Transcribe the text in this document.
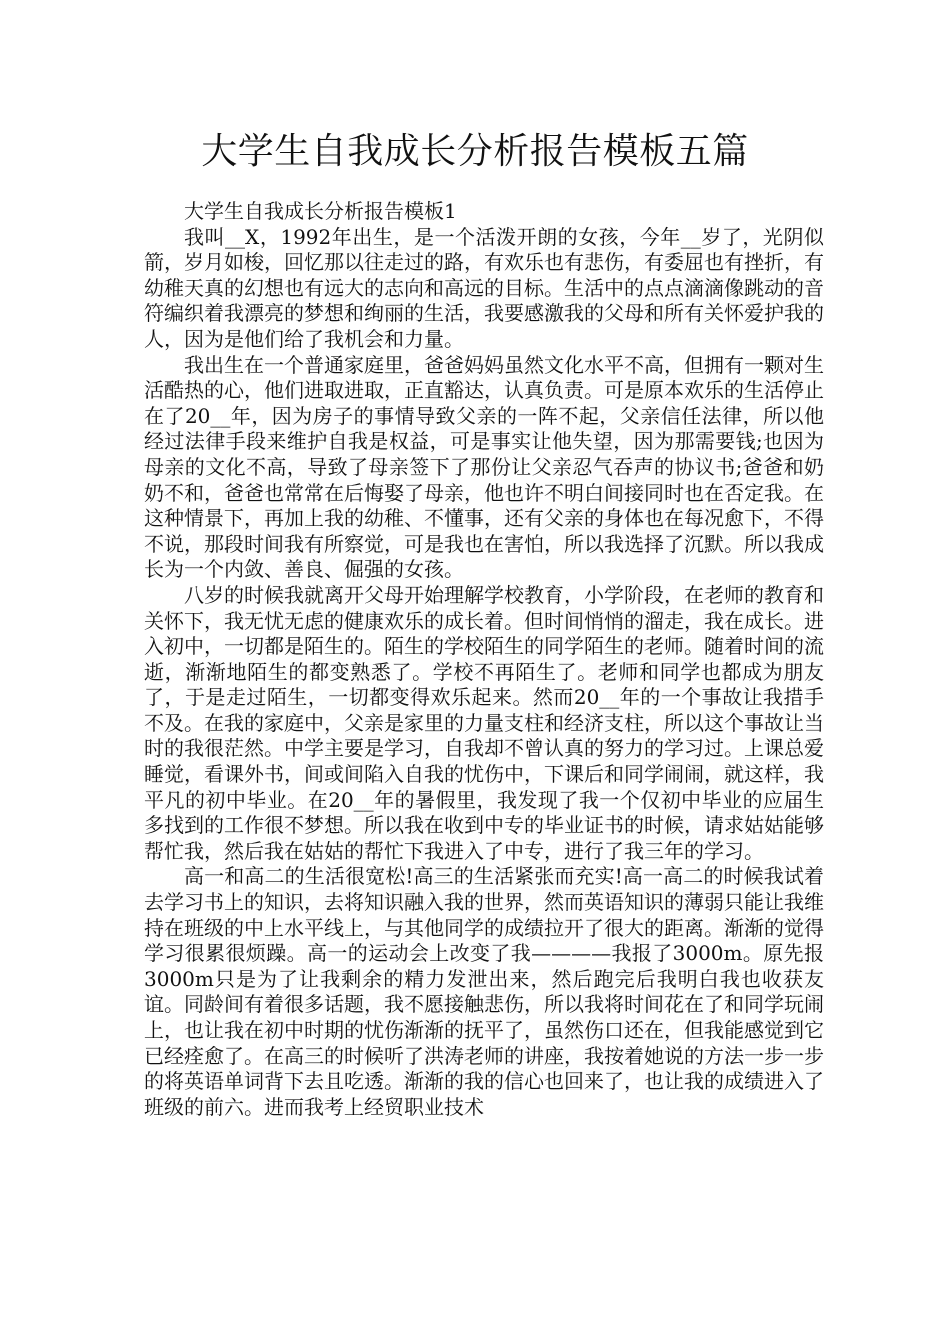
大学生自我成长分析报告模板五篇

大学生自我成长分析报告模板1

我叫__X，1992年出生，是一个活泼开朗的女孩，今年__岁了，光阴似箭，岁月如梭，回忆那以往走过的路，有欢乐也有悲伤，有委屈也有挫折，有幼稚天真的幻想也有远大的志向和高远的目标。生活中的点点滴滴像跳动的音符编织着我漂亮的梦想和绚丽的生活，我要感激我的父母和所有关怀爱护我的人，因为是他们给了我机会和力量。

我出生在一个普通家庭里，爸爸妈妈虽然文化水平不高，但拥有一颗对生活酷热的心，他们进取进取，正直豁达，认真负责。可是原本欢乐的生活停止在了20__年，因为房子的事情导致父亲的一阵不起，父亲信任法律，所以他经过法律手段来维护自我是权益，可是事实让他失望，因为那需要钱;也因为母亲的文化不高，导致了母亲签下了那份让父亲忍气吞声的协议书;爸爸和奶奶不和，爸爸也常常在后悔娶了母亲，他也许不明白间接同时也在否定我。在这种情景下，再加上我的幼稚、不懂事，还有父亲的身体也在每况愈下，不得不说，那段时间我有所察觉，可是我也在害怕，所以我选择了沉默。所以我成长为一个内敛、善良、倔强的女孩。

八岁的时候我就离开父母开始理解学校教育，小学阶段，在老师的教育和关怀下，我无忧无虑的健康欢乐的成长着。但时间悄悄的溜走，我在成长。进入初中，一切都是陌生的。陌生的学校陌生的同学陌生的老师。随着时间的流逝，渐渐地陌生的都变熟悉了。学校不再陌生了。老师和同学也都成为朋友了，于是走过陌生，一切都变得欢乐起来。然而20__年的一个事故让我措手不及。在我的家庭中，父亲是家里的力量支柱和经济支柱，所以这个事故让当时的我很茫然。中学主要是学习，自我却不曾认真的努力的学习过。上课总爱睡觉，看课外书，间或间陷入自我的忧伤中，下课后和同学闹闹，就这样，我平凡的初中毕业。在20__年的暑假里，我发现了我一个仅初中毕业的应届生多找到的工作很不梦想。所以我在收到中专的毕业证书的时候，请求姑姑能够帮忙我，然后我在姑姑的帮忙下我进入了中专，进行了我三年的学习。

高一和高二的生活很宽松!高三的生活紧张而充实!高一高二的时候我试着去学习书上的知识，去将知识融入我的世界，然而英语知识的薄弱只能让我维持在班级的中上水平线上，与其他同学的成绩拉开了很大的距离。渐渐的觉得学习很累很烦躁。高一的运动会上改变了我————我报了3000m。原先报3000m只是为了让我剩余的精力发泄出来，然后跑完后我明白我也收获友谊。同龄间有着很多话题，我不愿接触悲伤，所以我将时间花在了和同学玩闹上，也让我在初中时期的忧伤渐渐的抚平了，虽然伤口还在，但我能感觉到它已经痊愈了。在高三的时候听了洪涛老师的讲座，我按着她说的方法一步一步的将英语单词背下去且吃透。渐渐的我的信心也回来了，也让我的成绩进入了班级的前六。进而我考上经贸职业技术
